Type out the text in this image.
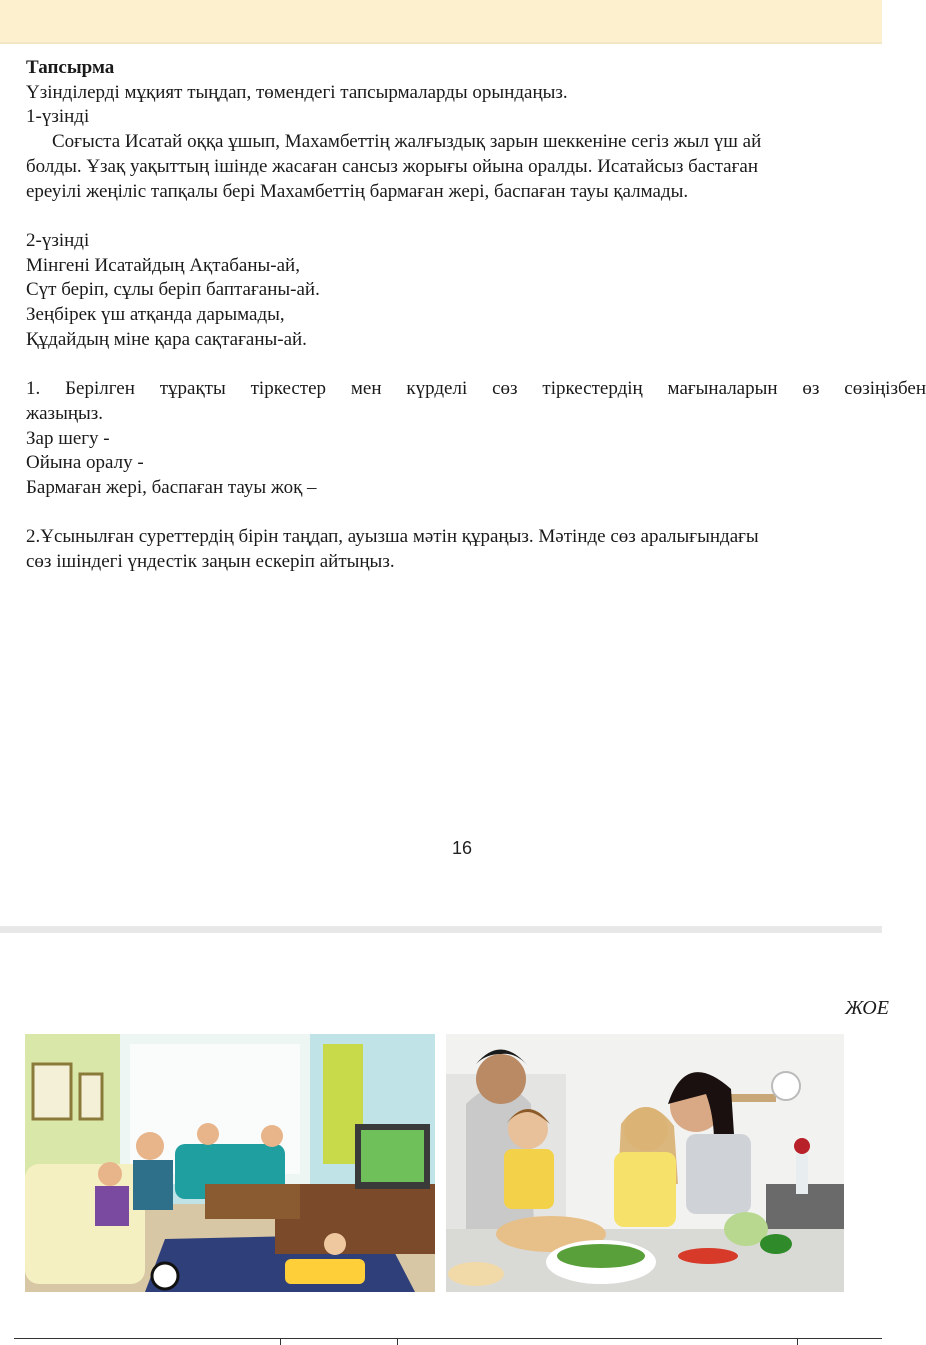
Тапсырма

Үзінділерді мұқият тыңдап, төмендегі тапсырмаларды орындаңыз.

1-үзінді

Соғыста Исатай оққа ұшып, Махамбеттің жалғыздық зарын шеккеніне сегіз жыл үш ай

болды. Ұзақ уақыттың ішінде жасаған сансыз жорығы ойына оралды. Исатайсыз бастаған

ереуілі жеңіліс тапқалы бері Махамбеттің бармаған жері, баспаған тауы қалмады.

2-үзінді

Мінгені Исатайдың Ақтабаны-ай,

Сүт беріп, сұлы беріп баптағаны-ай.

Зеңбірек үш атқанда дарымады,

Құдайдың міне қара сақтағаны-ай.

1. Берілген тұрақты тіркестер мен күрделі сөз тіркестердің мағыналарын өз сөзіңізбен

жазыңыз.

Зар шегу -

Ойына оралу -

Бармаған жері, баспаған тауы жоқ –

2.Ұсынылған суреттердің бірін таңдап, ауызша мәтін құраңыз. Мәтінде сөз аралығындағы

сөз ішіндегі үндестік заңын ескеріп айтыңыз.

16
ЖОЕ
